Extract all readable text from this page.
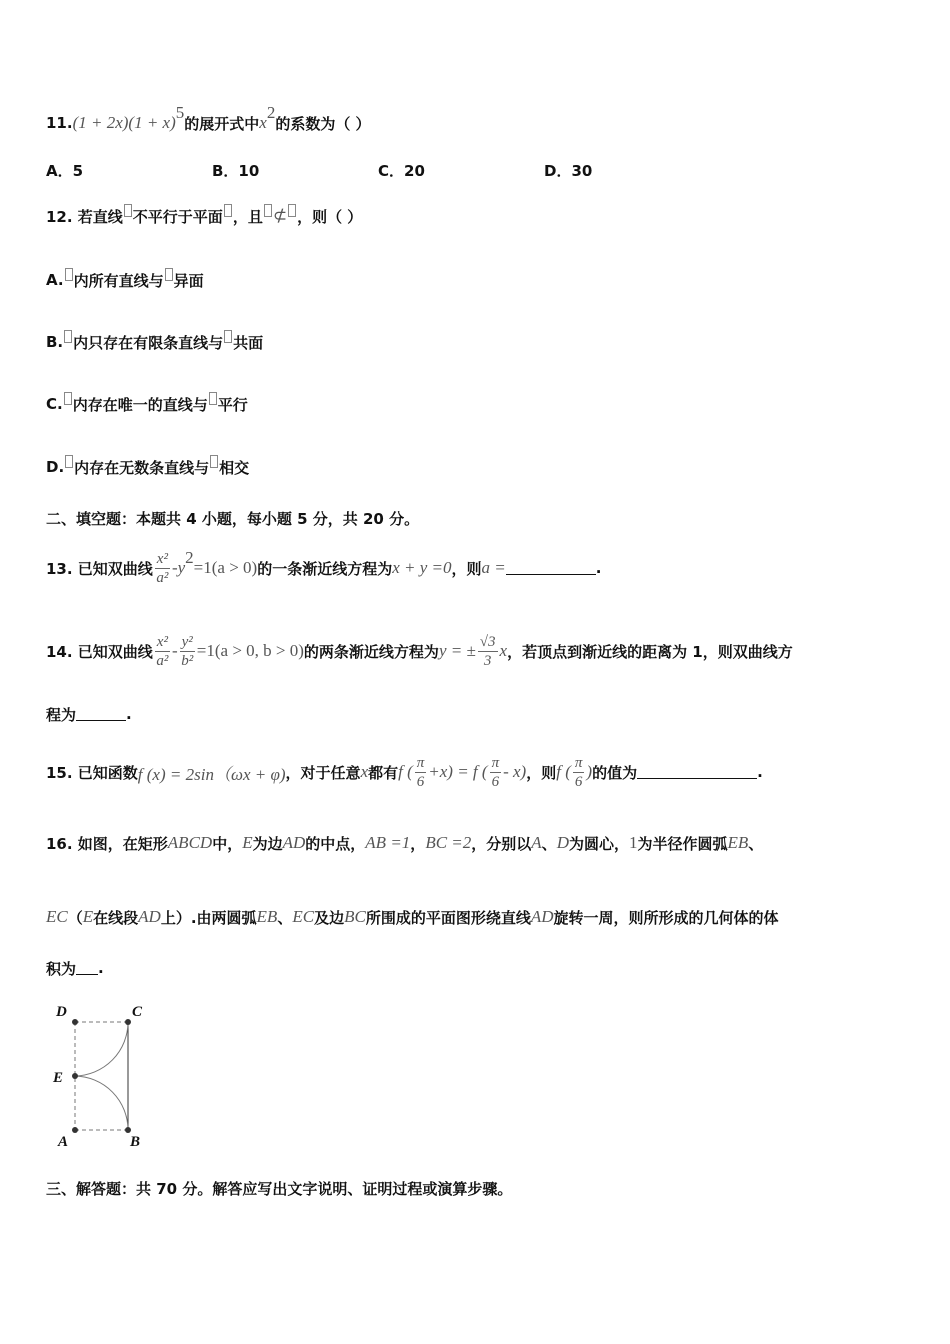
11. (1 + 2x)(1 + x)5
的展开式中 x2
的系数为（ ）
A．5	B．10	C．20	D．30
12. 若直线 不平行于平面 ，且 ⊄ ，则（ ）
A. 内所有直线与 异面
B. 内只存在有限条直线与 共面
C. 内存在唯一的直线与 平行
D. 内存在无数条直线与 相交
二、填空题：本题共 4 小题，每小题 5 分，共 20 分。
13. 已知双曲线 $\frac{\text{x²}}{\text{a²}} - y2$
=1(a > 0) 的一条渐近线方程为 x + y =0 ，则 a =	.
14. 已知双曲线 $\frac{\text{x²}}{\text{a²}} - \frac{\text{y²}}{\text{b²}} =1(a > 0$, b > 0) 的两条渐近线方程为 y = ± $\frac{√3}{3}$ x ，若顶点到渐近线的距离为 1，则双曲线方
程为	.
15. 已知函数 f (x) = 2sin（ωx + φ) ，对于任意 x 都有 f ( $\frac{\pi}{6} +x) = f$ ( $\frac{\pi}{6} - x$) ，则 f ( $\frac{\pi}{6}$ ) 的值为	.
16. 如图，在矩形 ABCD 中， E 为边 AD 的中点， AB =1 ， BC =2 ，分别以 A 、 D 为圆心， 1 为半径作圆弧 EB 、
EC （ E 在线段 AD 上）.由两圆弧 EB 、 EC 及边 BC 所围成的平面图形绕直线 AD 旋转一周，则所形成的几何体的体
积为 .
三、解答题：共 70 分。解答应写出文字说明、证明过程或演算步骤。
D	C
E
A	B
